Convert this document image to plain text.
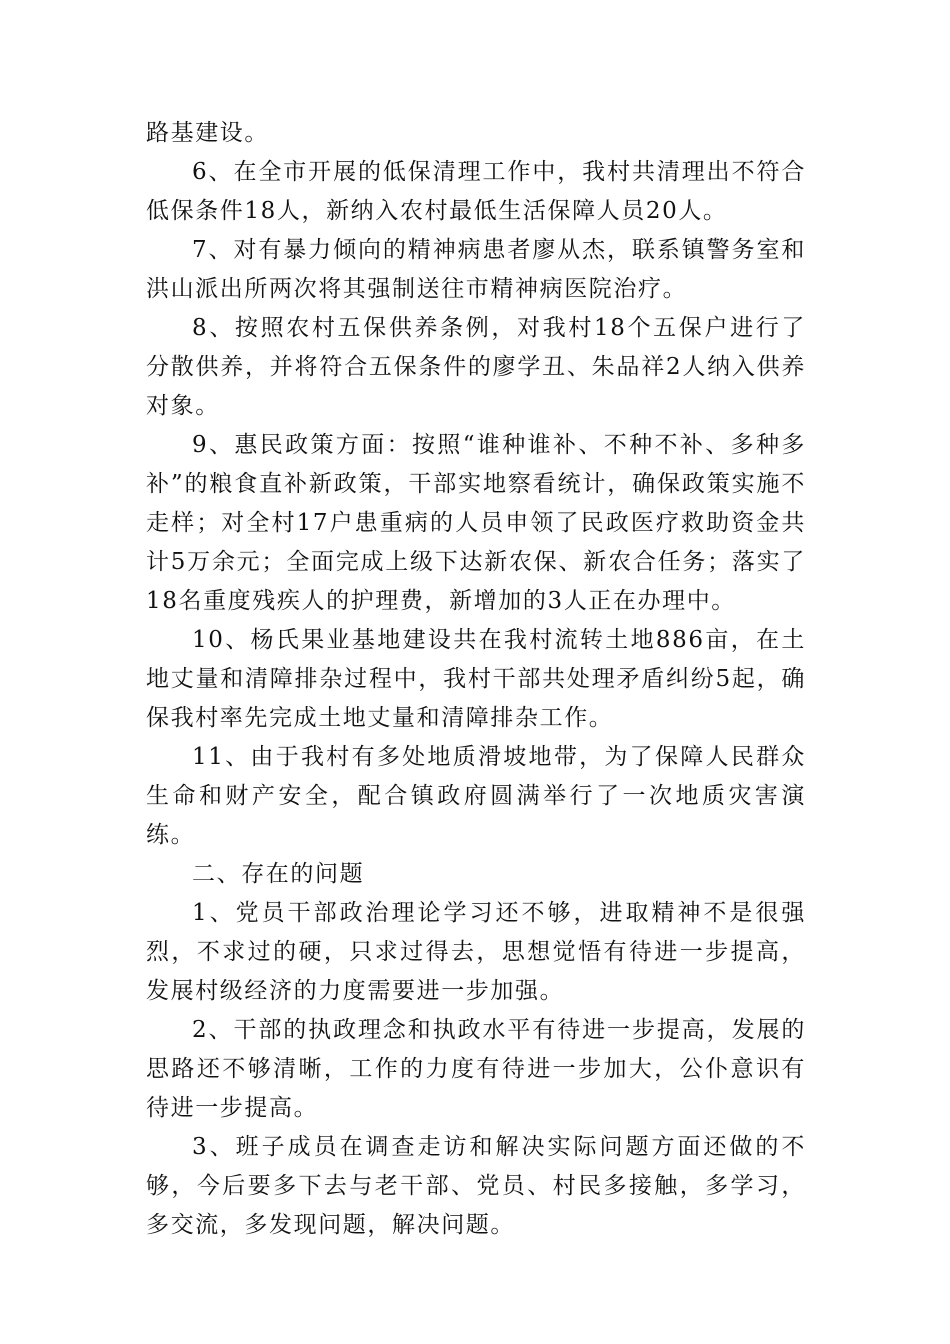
路基建设。

6、在全市开展的低保清理工作中，我村共清理出不符合低保条件18人，新纳入农村最低生活保障人员20人。

7、对有暴力倾向的精神病患者廖从杰，联系镇警务室和洪山派出所两次将其强制送往市精神病医院治疗。

8、按照农村五保供养条例，对我村18个五保户进行了分散供养，并将符合五保条件的廖学丑、朱品祥2人纳入供养对象。

9、惠民政策方面：按照“谁种谁补、不种不补、多种多补”的粮食直补新政策，干部实地察看统计，确保政策实施不走样；对全村17户患重病的人员申领了民政医疗救助资金共计5万余元；全面完成上级下达新农保、新农合任务；落实了18名重度残疾人的护理费，新增加的3人正在办理中。

10、杨氏果业基地建设共在我村流转土地886亩，在土地丈量和清障排杂过程中，我村干部共处理矛盾纠纷5起，确保我村率先完成土地丈量和清障排杂工作。

11、由于我村有多处地质滑坡地带，为了保障人民群众生命和财产安全，配合镇政府圆满举行了一次地质灾害演练。

二、存在的问题

1、党员干部政治理论学习还不够，进取精神不是很强烈，不求过的硬，只求过得去，思想觉悟有待进一步提高，发展村级经济的力度需要进一步加强。

2、干部的执政理念和执政水平有待进一步提高，发展的思路还不够清晰，工作的力度有待进一步加大，公仆意识有待进一步提高。

3、班子成员在调查走访和解决实际问题方面还做的不够，今后要多下去与老干部、党员、村民多接触，多学习，多交流，多发现问题，解决问题。
